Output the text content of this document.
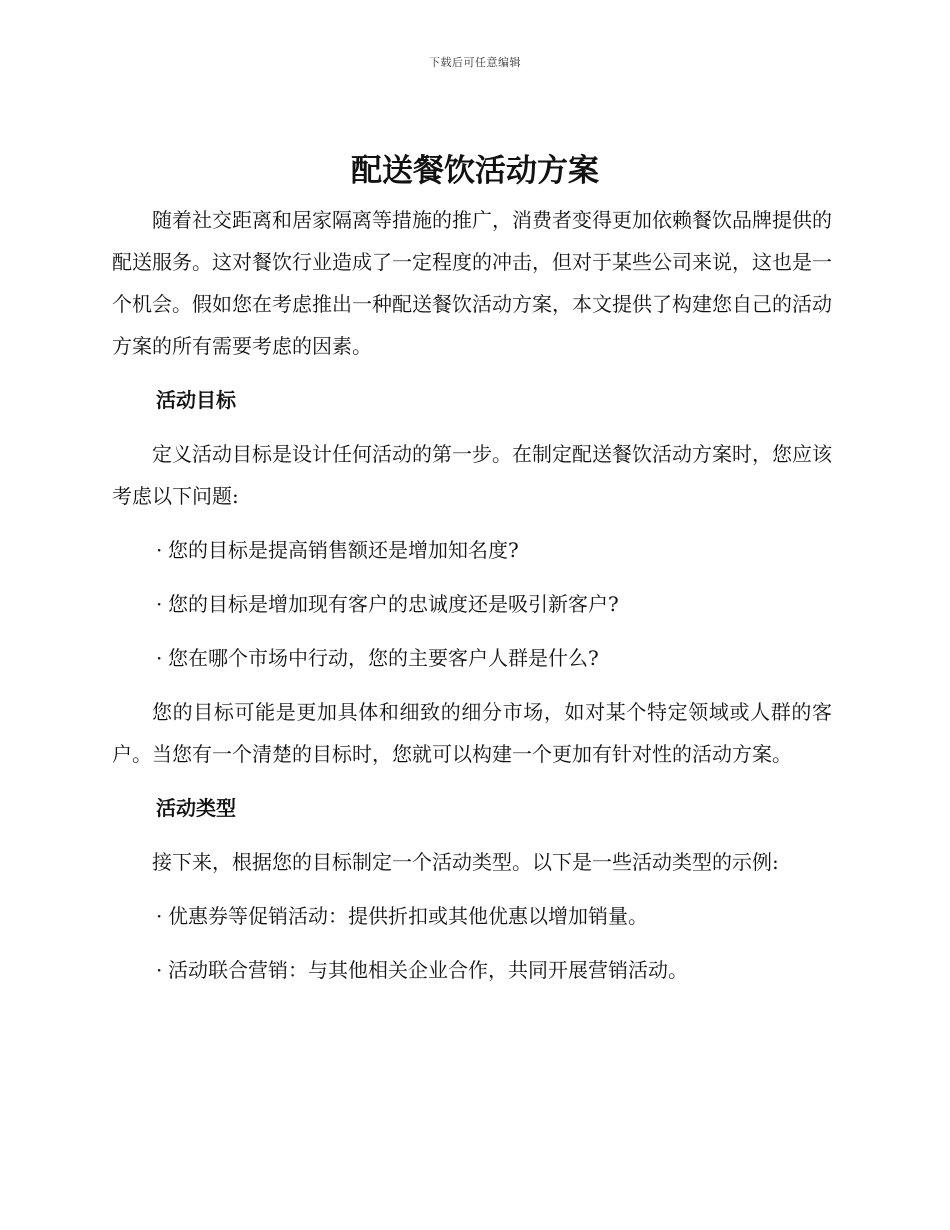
下载后可任意编辑
配送餐饮活动方案

随着社交距离和居家隔离等措施的推广，消费者变得更加依赖餐饮品牌提供的配送服务。这对餐饮行业造成了一定程度的冲击，但对于某些公司来说，这也是一个机会。假如您在考虑推出一种配送餐饮活动方案，本文提供了构建您自己的活动方案的所有需要考虑的因素。

活动目标

定义活动目标是设计任何活动的第一步。在制定配送餐饮活动方案时，您应该考虑以下问题:

· 您的目标是提高销售额还是增加知名度?
· 您的目标是增加现有客户的忠诚度还是吸引新客户?
· 您在哪个市场中行动，您的主要客户人群是什么?

您的目标可能是更加具体和细致的细分市场，如对某个特定领域或人群的客户。当您有一个清楚的目标时，您就可以构建一个更加有针对性的活动方案。

活动类型

接下来，根据您的目标制定一个活动类型。以下是一些活动类型的示例:

· 优惠券等促销活动：提供折扣或其他优惠以增加销量。
· 活动联合营销：与其他相关企业合作，共同开展营销活动。
